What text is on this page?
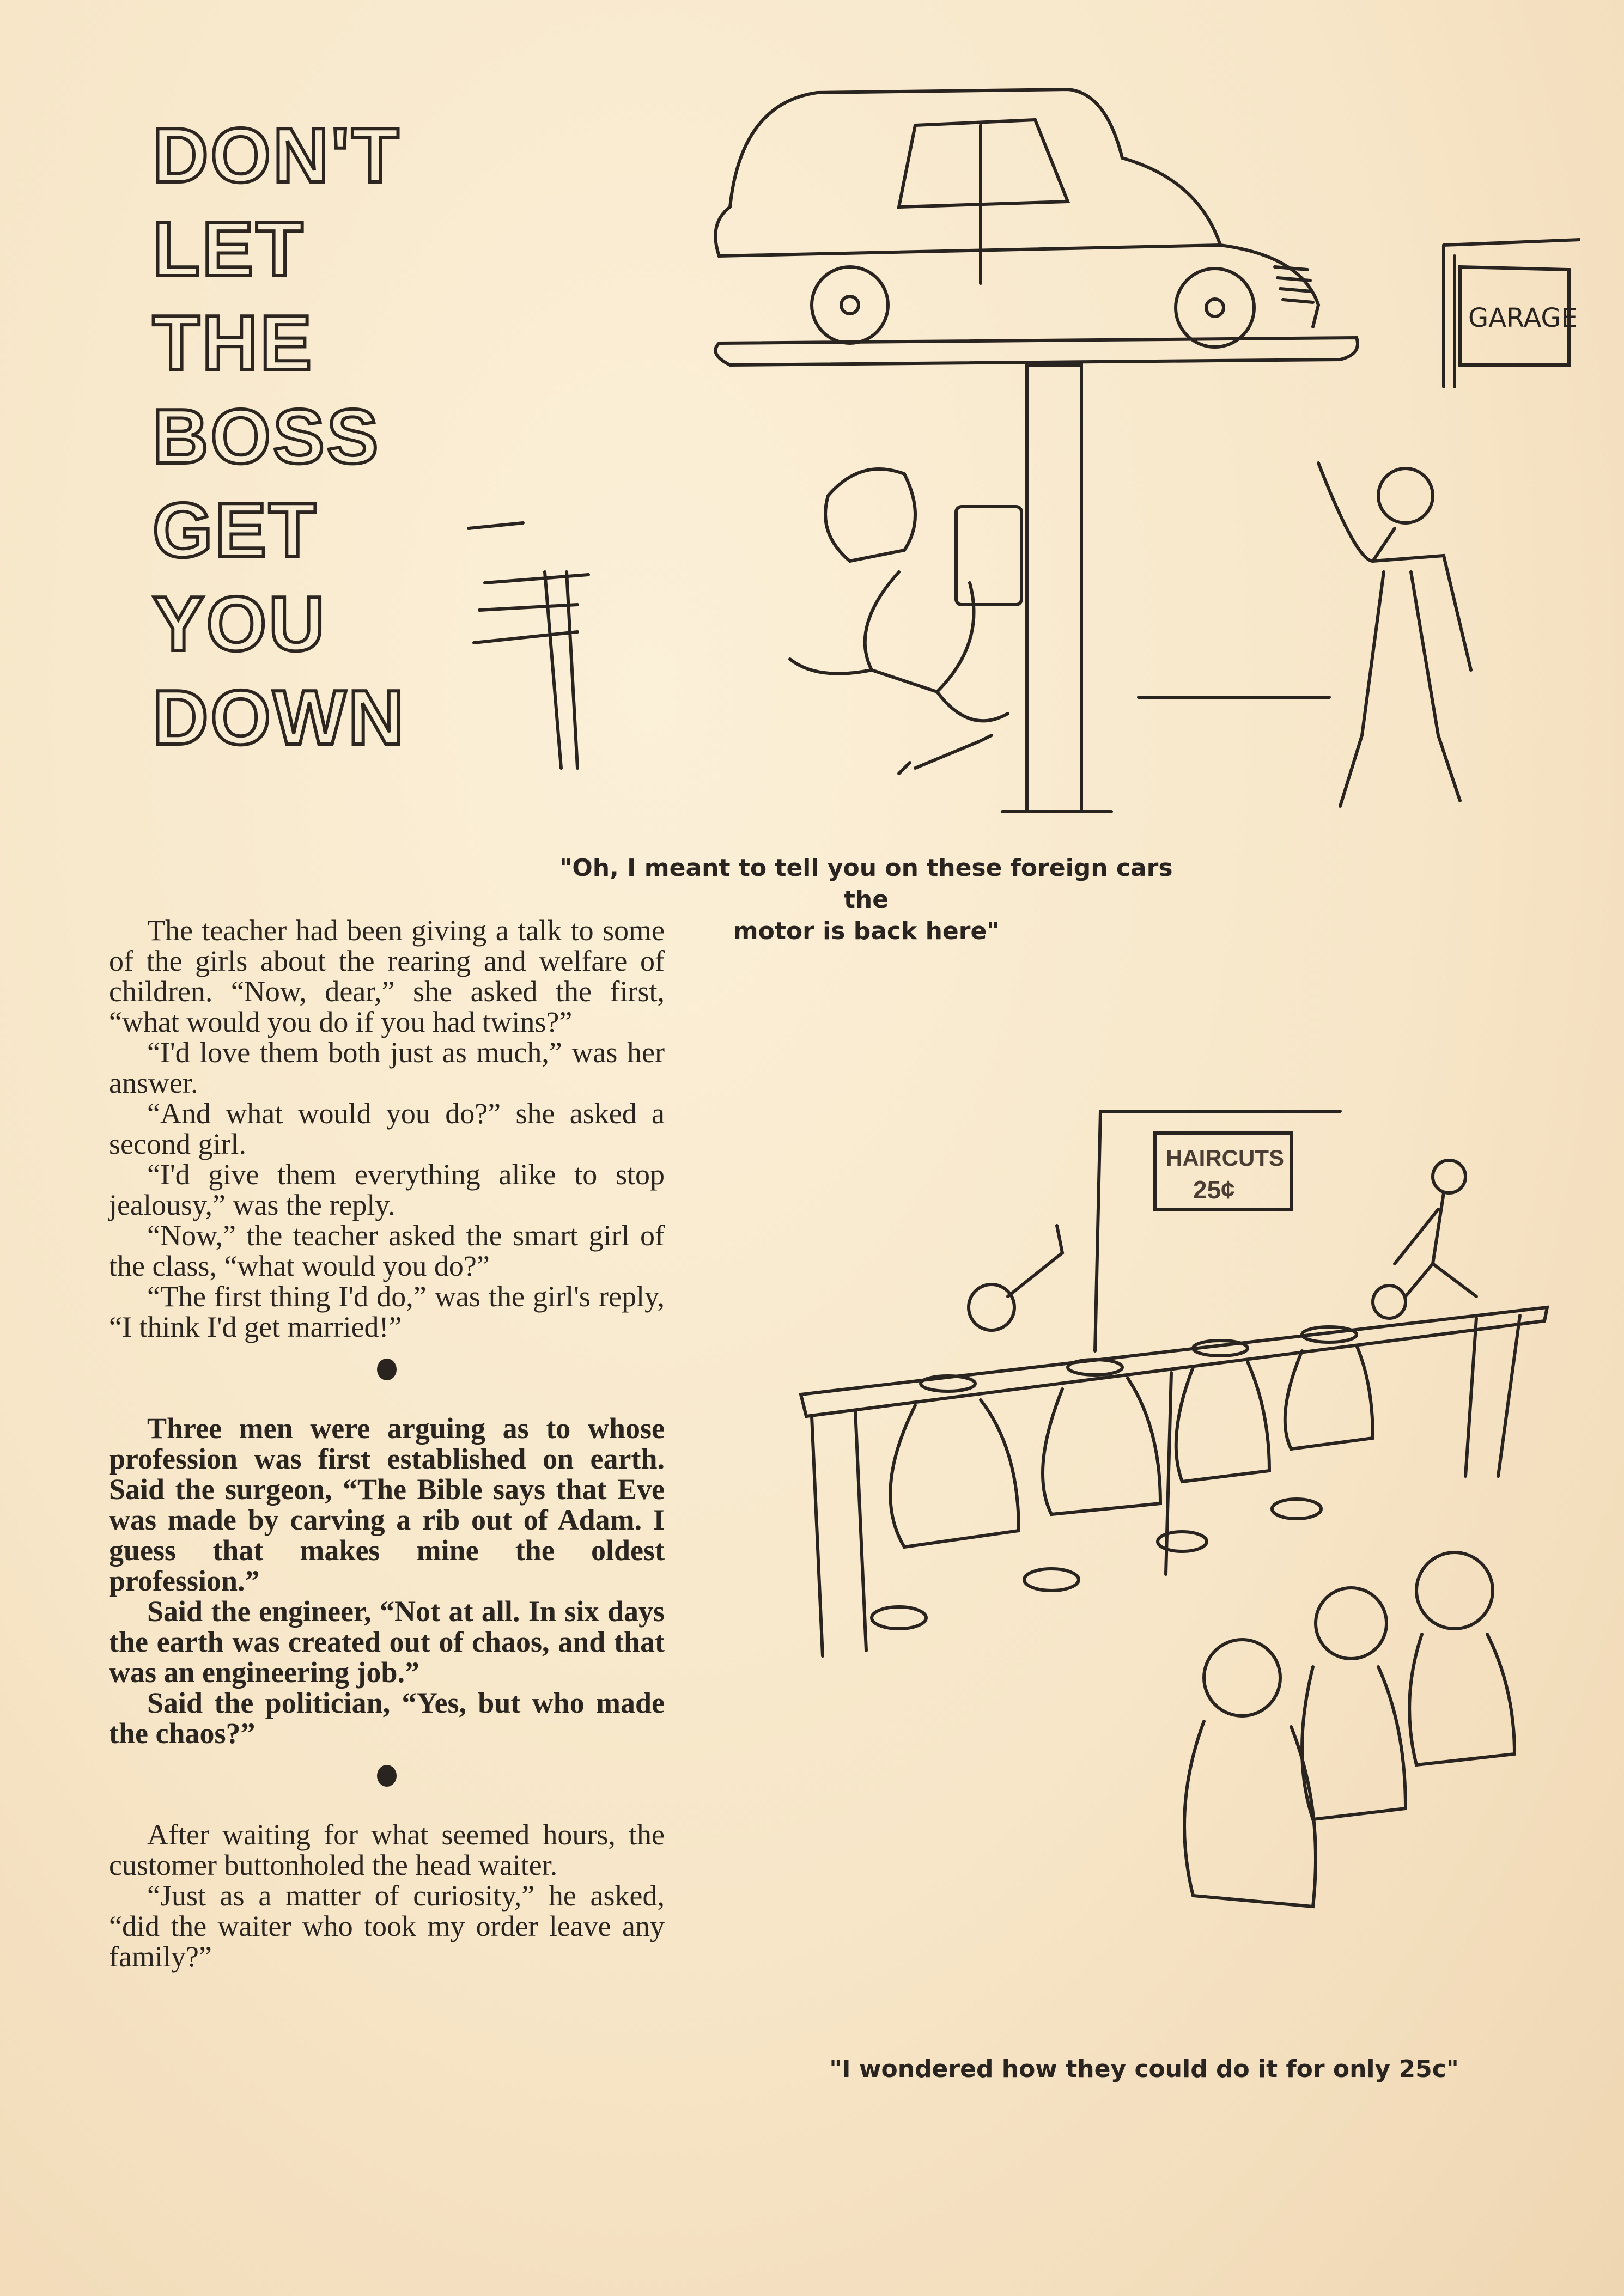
DON'T
LET
THE
BOSS
GET
YOU
DOWN
GARAGE
"Oh, I meant to tell you on these foreign cars the
motor is back here"
HAIRCUTS
25¢
"I wondered how they could do it for only 25c"

The teacher had been giving a talk to some of the girls about the rearing and welfare of children. “Now, dear,” she asked the first, “what would you do if you had twins?”

“I'd love them both just as much,” was her answer.

“And what would you do?” she asked a second girl.

“I'd give them everything alike to stop jealousy,” was the reply.

“Now,” the teacher asked the smart girl of the class, “what would you do?”

“The first thing I'd do,” was the girl's reply, “I think I'd get married!”

Three men were arguing as to whose profession was first established on earth. Said the surgeon, “The Bible says that Eve was made by carving a rib out of Adam. I guess that makes mine the oldest profession.”

Said the engineer, “Not at all. In six days the earth was created out of chaos, and that was an engineering job.”

Said the politician, “Yes, but who made the chaos?”

After waiting for what seemed hours, the customer buttonholed the head waiter.

“Just as a matter of curiosity,” he asked, “did the waiter who took my order leave any family?”
